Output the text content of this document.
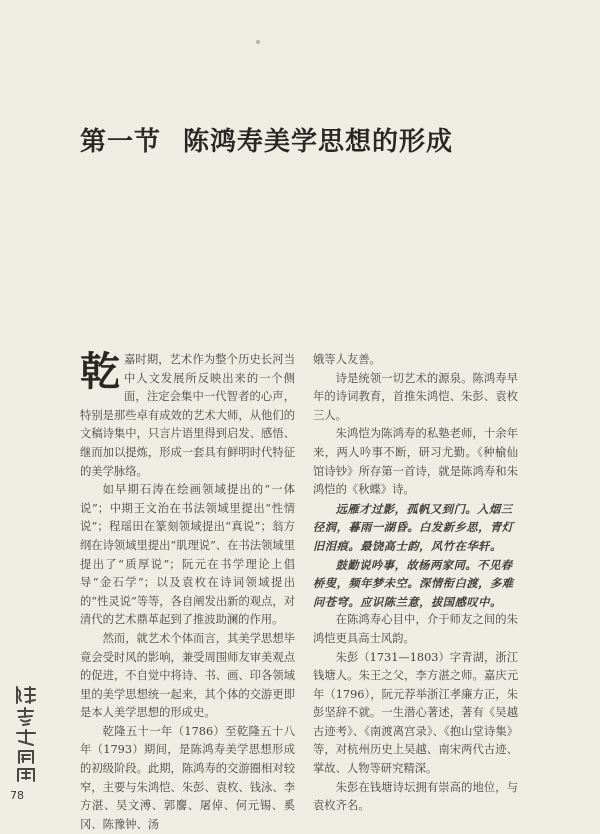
第一节 陈鸿寿美学思想的形成

乾嘉时期，艺术作为整个历史长河当中人文发展所反映出来的一个侧面，注定会集中一代智者的心声，特别是那些卓有成效的艺术大师，从他们的文稿诗集中，只言片语里得到启发、感悟、继而加以提炼，形成一套具有鲜明时代特征的美学脉络。

如早期石涛在绘画领域提出的“一体说”；中期王文治在书法领域里提出“性情说”；程瑶田在篆刻领域提出“真说”；翁方纲在诗领域里提出“肌理说”、在书法领域里提出了“质厚说”；阮元在书学理论上倡导“金石学”；以及袁枚在诗词领域提出的“性灵说”等等，各自阐发出新的观点，对清代的艺术鼎革起到了推波助澜的作用。

然而，就艺术个体而言，其美学思想毕竟会受时风的影响，兼受周围师友审美观点的促进，不自觉中将诗、书、画、印各领域里的美学思想统一起来，其个体的交游更即是本人美学思想的形成史。

乾隆五十一年（1786）至乾隆五十八年（1793）期间，是陈鸿寿美学思想形成的初级阶段。此期，陈鸿寿的交游圈相对较窄，主要与朱鸿恺、朱彭、袁枚、钱泳、李方湛、吴文溥、郭麐、屠倬、何元锡、奚冈、陈豫钟、汤

娥等人友善。

诗是统领一切艺术的源泉。陈鸿寿早年的诗词教育，首推朱鸿恺、朱彭、袁枚三人。

朱鸿恺为陈鸿寿的私塾老师，十余年来，两人吟事不断，研习尤勤。《种榆仙馆诗钞》所存第一首诗，就是陈鸿寿和朱鸿恺的《秋蝶》诗。

远雁才过影，孤帆又到门。入烟三径润，暮雨一湖昏。白发新乡思，青灯旧泪痕。最饶高士韵，风竹在华轩。

鼓勤说吟事，故杨两家同。不见春桥叟，频年梦未空。深情衔白渡，多难问苍穹。应识陈兰意，拔国感叹中。

在陈鸿寿心目中，介于师友之间的朱鸿恺更具高士风韵。

朱彭（1731—1803）字青湖，浙江钱塘人。朱王之父，李方湛之师。嘉庆元年（1796），阮元荐举浙江孝廉方正，朱彭坚辞不就。一生潜心著述，著有《吴越古迹考》、《南渡离宫录》、《抱山堂诗集》等，对杭州历史上吴越、南宋两代古迹、掌故、人物等研究精深。

朱彭在钱塘诗坛拥有崇高的地位，与袁枚齐名。

78
